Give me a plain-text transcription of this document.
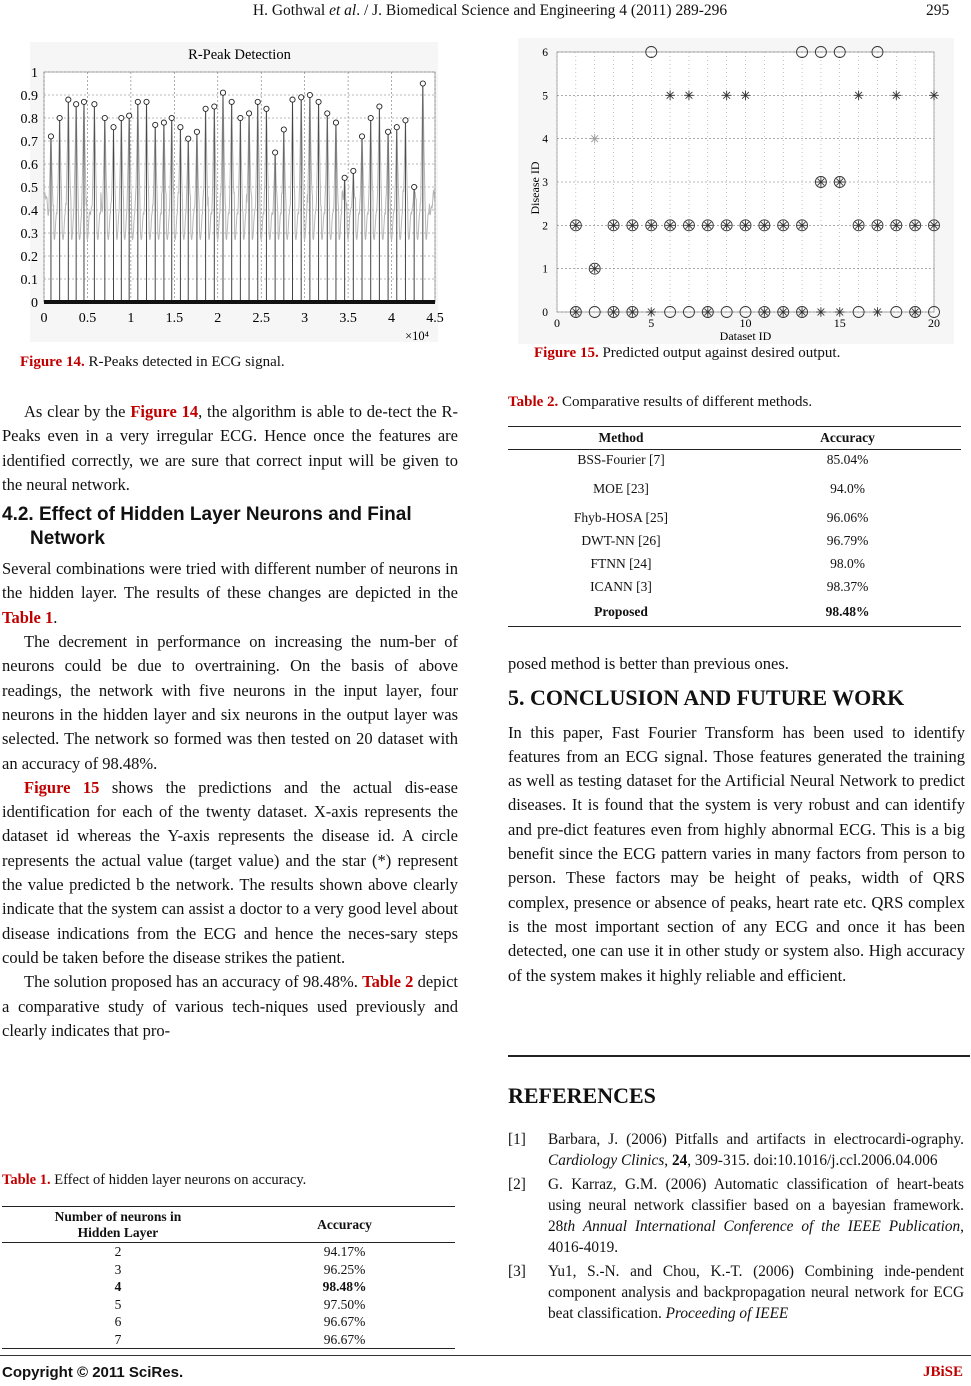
H. Gothwal et al. / J. Biomedical Science and Engineering 4 (2011) 289-296	295
0
0.1
0.2
0.3
0.4
0.5
0.6
0.7
0.8
0.9
1
0 0.5 1 1.5 2 2.5 3 3.5 4 4.5
R-Peak Detection
×10⁴
Figure 14. R-Peaks detected in ECG signal.

As clear by the Figure 14, the algorithm is able to de-tect the R-Peaks even in a very irregular ECG. Hence once the features are identified correctly, we are sure that correct input will be given to the neural network.

4.2. Effect of Hidden Layer Neurons and Final
Network

Several combinations were tried with different number of neurons in the hidden layer. The results of these changes are depicted in the Table 1.

The decrement in performance on increasing the num-ber of neurons could be due to overtraining. On the basis of above readings, the network with five neurons in the input layer, four neurons in the hidden layer and six neurons in the output layer was selected. The network so formed was then tested on 20 dataset with an accuracy of 98.48%.

Figure 15 shows the predictions and the actual dis-ease identification for each of the twenty dataset. X-axis represents the dataset id whereas the Y-axis represents the disease id. A circle represents the actual value (target value) and the star (*) represent the value predicted b the network. The results shown above clearly indicate that the system can assist a doctor to a very good level about disease indications from the ECG and hence the neces-sary steps could be taken before the disease strikes the patient.

The solution proposed has an accuracy of 98.48%. Table 2 depict a comparative study of various tech-niques used previously and clearly indicates that pro-

Table 1. Effect of hidden layer neurons on accuracy.
Number of neurons in
Hidden Layer	Accuracy
2	94.17%
3	96.25%
4	98.48%
5	97.50%
6	96.67%
7	96.67%
0
1
2
3
4
5
6
0	5	10	15	20
Dataset ID
Disease ID
Figure 15. Predicted output against desired output.
Table 2. Comparative results of different methods.
Method	Accuracy
BSS-Fourier [7]	85.04%
MOE [23]	94.0%
Fhyb-HOSA [25]	96.06%
DWT-NN [26]	96.79%
FTNN [24]	98.0%
ICANN [3]	98.37%
Proposed	98.48%

posed method is better than previous ones.

5. CONCLUSION AND FUTURE WORK

In this paper, Fast Fourier Transform has been used to identify features from an ECG signal. Those features generated the training as well as testing dataset for the Artificial Neural Network to predict diseases. It is found that the system is very robust and can identify and pre-dict features even from highly abnormal ECG. This is a big benefit since the ECG pattern varies in many factors from person to person. These factors may be height of peaks, width of QRS complex, presence or absence of peaks, heart rate etc. QRS complex is the most important section of any ECG and once it has been detected, one can use it in other study or system also. High accuracy of the system makes it highly reliable and efficient.

REFERENCES
[1] Barbara, J. (2006) Pitfalls and artifacts in electrocardi-ography. Cardiology Clinics, 24, 309-315. doi:10.1016/j.ccl.2006.04.006
[2] G. Karraz, G.M. (2006) Automatic classification of heart-beats using neural network classifier based on a bayesian framework. 28th Annual International Conference of the IEEE Publication, 4016-4019.
[3] Yu1, S.-N. and Chou, K.-T. (2006) Combining inde-pendent component analysis and backpropagation neural network for ECG beat classification. Proceeding of IEEE
Copyright © 2011 SciRes.	JBiSE
